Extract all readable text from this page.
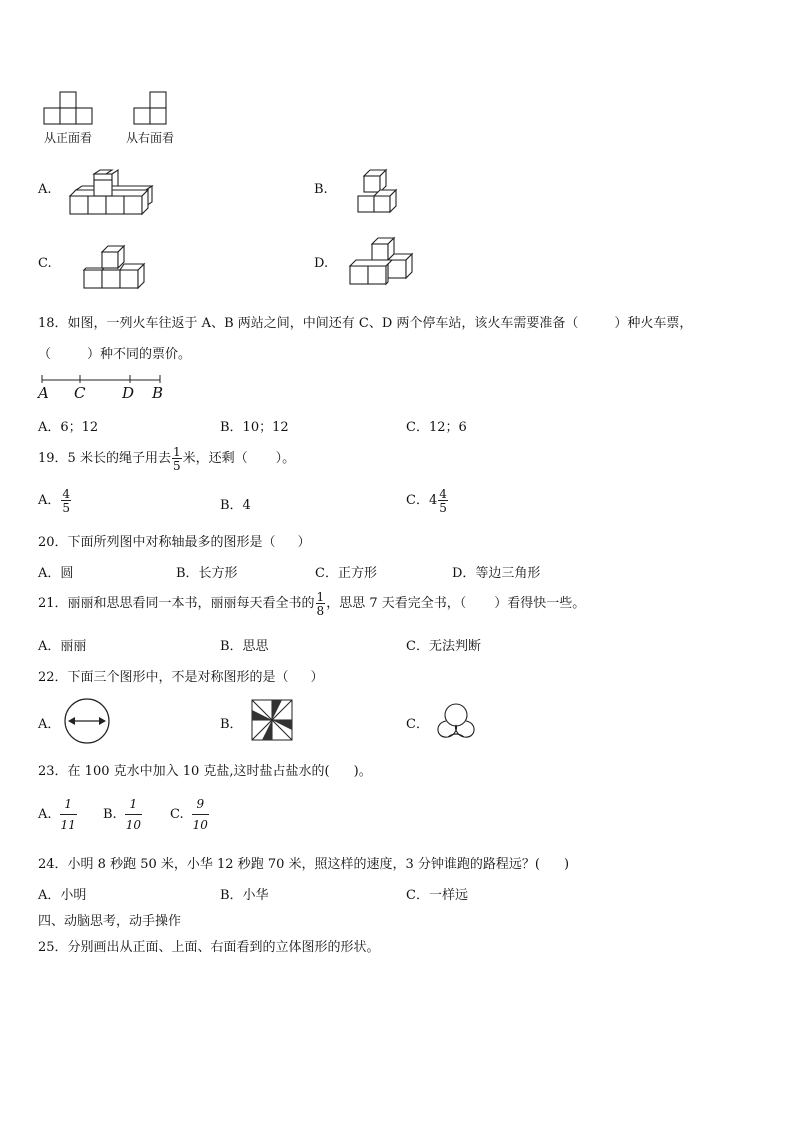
从正面看	从右面看
A.	B.
C.	D.
18．如图，一列火车往返于 A、B 两站之间，中间还有 C、D 两个停车站，该火车需要准备（	）种火车票，
（	）种不同的票价。
A C D B
A．6；12	B．10；12	C．12；6
19．5 米长的绳子用去 $\frac{1}{5}$ 米，还剩（ ）。
A． $\frac{4}{5}$	B．4	C．$4 \frac{4}{5}$
20．下面所列图中对称轴最多的图形是（ ）
A．圆	B．长方形	C．正方形	D．等边三角形
21．丽丽和思思看同一本书，丽丽每天看全书的 $\frac{1}{8}$ ，思思 7 天看完全书，（ ）看得快一些。
A．丽丽	B．思思	C．无法判断
22．下面三个图形中，不是对称图形的是（ ）
A．	B．	C．
23．在 100 克水中加入 10 克盐,这时盐占盐水的( )。
A. $\frac{1}{11} B$. $\frac{1}{10} C$. $\frac{9}{10}$
24．小明 8 秒跑 50 米，小华 12 秒跑 70 米，照这样的速度，3 分钟谁跑的路程远？( )
A．小明	B．小华	C．一样远
四、动脑思考，动手操作
25．分别画出从正面、上面、右面看到的立体图形的形状。
